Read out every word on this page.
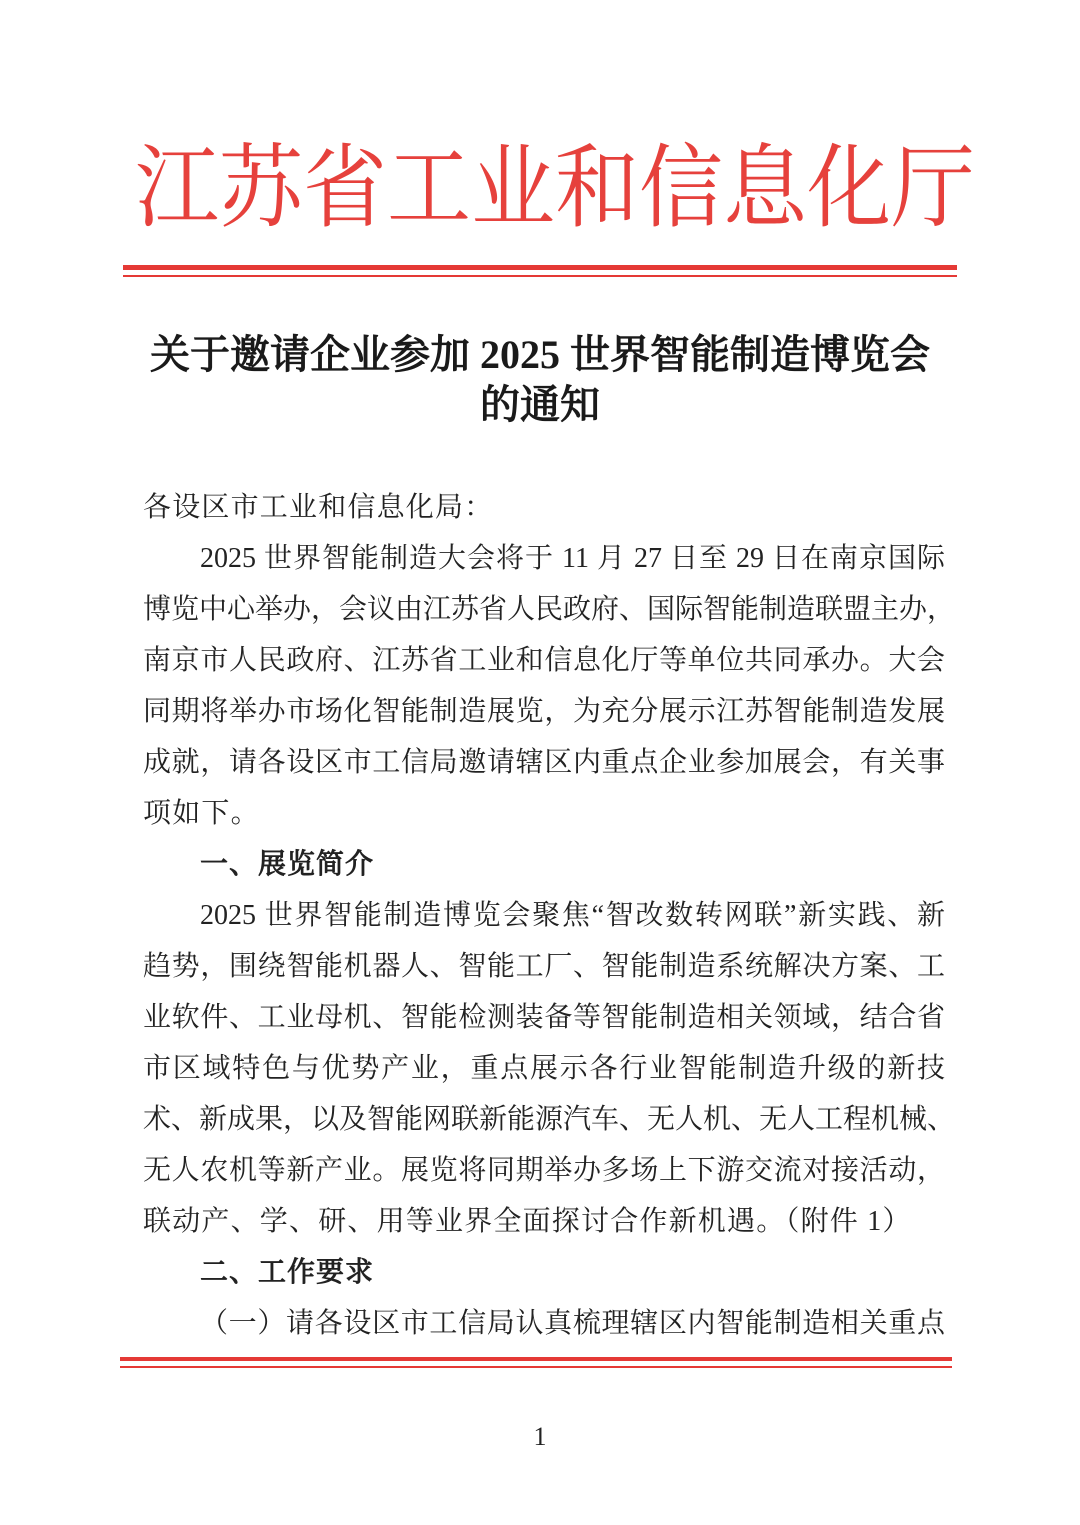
江苏省工业和信息化厅
关于邀请企业参加 2025 世界智能制造博览会
的通知
各设区市工业和信息化局：
2025 世界智能制造大会将于 11 月 27 日至 29 日在南京国际
博览中心举办，会议由江苏省人民政府、国际智能制造联盟主办，
南京市人民政府、江苏省工业和信息化厅等单位共同承办。大会
同期将举办市场化智能制造展览，为充分展示江苏智能制造发展
成就，请各设区市工信局邀请辖区内重点企业参加展会，有关事
项如下。
一、展览简介
2025 世界智能制造博览会聚焦“智改数转网联”新实践、新
趋势，围绕智能机器人、智能工厂、智能制造系统解决方案、工
业软件、工业母机、智能检测装备等智能制造相关领域，结合省
市区域特色与优势产业，重点展示各行业智能制造升级的新技
术、新成果，以及智能网联新能源汽车、无人机、无人工程机械、
无人农机等新产业。展览将同期举办多场上下游交流对接活动，
联动产、学、研、用等业界全面探讨合作新机遇。（附件 1）
二、工作要求
（一）请各设区市工信局认真梳理辖区内智能制造相关重点
1
